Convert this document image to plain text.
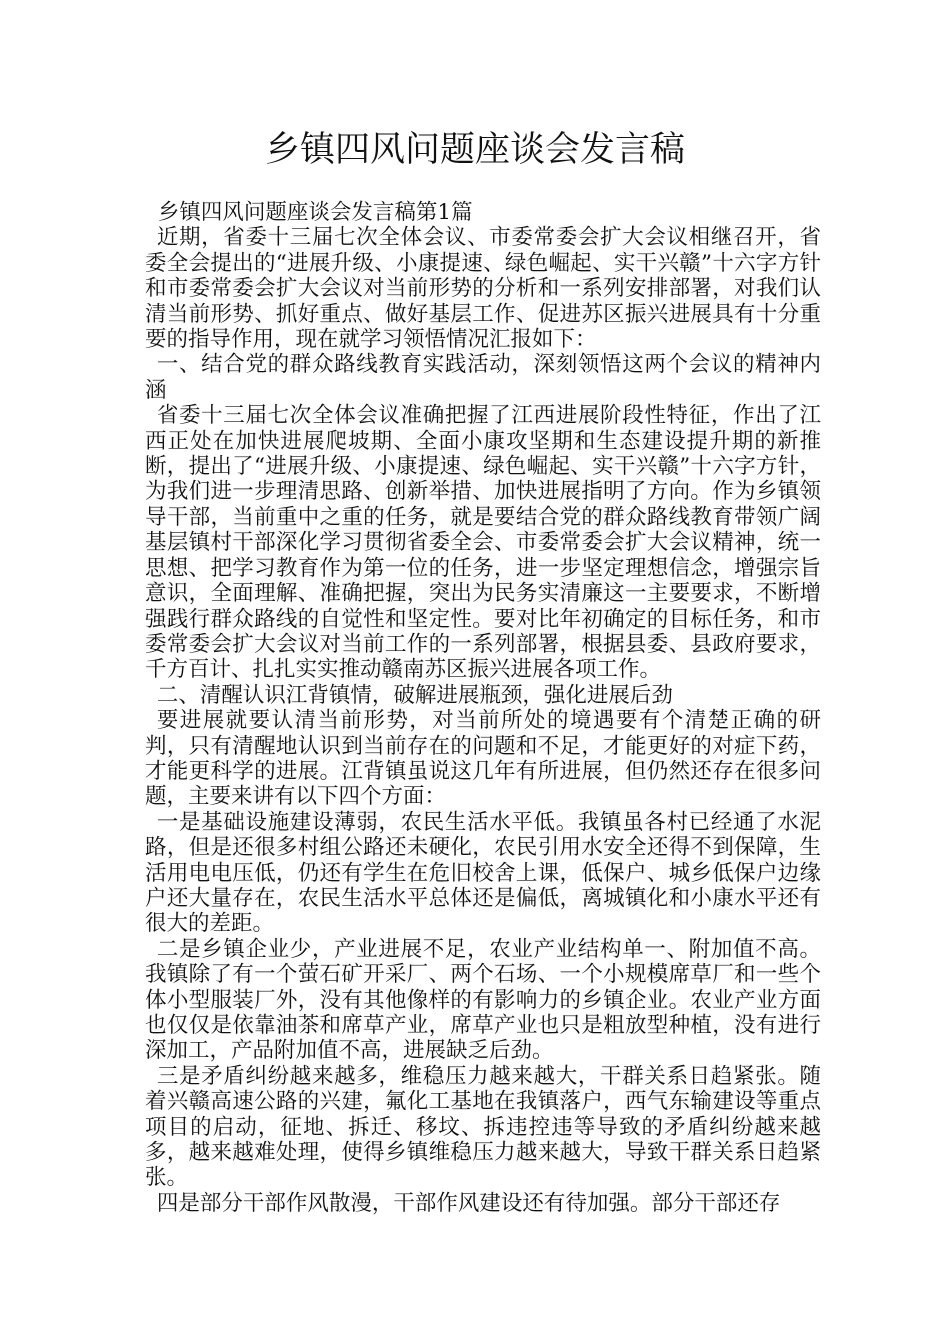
乡镇四风问题座谈会发言稿

乡镇四风问题座谈会发言稿第1篇

近期，省委十三届七次全体会议、市委常委会扩大会议相继召开，省委全会提出的“进展升级、小康提速、绿色崛起、实干兴赣”十六字方针和市委常委会扩大会议对当前形势的分析和一系列安排部署，对我们认清当前形势、抓好重点、做好基层工作、促进苏区振兴进展具有十分重要的指导作用，现在就学习领悟情况汇报如下：

一、结合党的群众路线教育实践活动，深刻领悟这两个会议的精神内涵

省委十三届七次全体会议准确把握了江西进展阶段性特征，作出了江西正处在加快进展爬坡期、全面小康攻坚期和生态建设提升期的新推断，提出了“进展升级、小康提速、绿色崛起、实干兴赣”十六字方针，为我们进一步理清思路、创新举措、加快进展指明了方向。作为乡镇领导干部，当前重中之重的任务，就是要结合党的群众路线教育带领广阔基层镇村干部深化学习贯彻省委全会、市委常委会扩大会议精神，统一思想、把学习教育作为第一位的任务，进一步坚定理想信念，增强宗旨意识，全面理解、准确把握，突出为民务实清廉这一主要要求，不断增强践行群众路线的自觉性和坚定性。要对比年初确定的目标任务，和市委常委会扩大会议对当前工作的一系列部署，根据县委、县政府要求，千方百计、扎扎实实推动赣南苏区振兴进展各项工作。

二、清醒认识江背镇情，破解进展瓶颈，强化进展后劲

要进展就要认清当前形势，对当前所处的境遇要有个清楚正确的研判，只有清醒地认识到当前存在的问题和不足，才能更好的对症下药，才能更科学的进展。江背镇虽说这几年有所进展，但仍然还存在很多问题，主要来讲有以下四个方面：

一是基础设施建设薄弱，农民生活水平低。我镇虽各村已经通了水泥路，但是还很多村组公路还未硬化，农民引用水安全还得不到保障，生活用电电压低，仍还有学生在危旧校舍上课，低保户、城乡低保户边缘户还大量存在，农民生活水平总体还是偏低，离城镇化和小康水平还有很大的差距。

二是乡镇企业少，产业进展不足，农业产业结构单一、附加值不高。我镇除了有一个萤石矿开采厂、两个石场、一个小规模席草厂和一些个体小型服装厂外，没有其他像样的有影响力的乡镇企业。农业产业方面也仅仅是依靠油茶和席草产业，席草产业也只是粗放型种植，没有进行深加工，产品附加值不高，进展缺乏后劲。

三是矛盾纠纷越来越多，维稳压力越来越大，干群关系日趋紧张。随着兴赣高速公路的兴建，氟化工基地在我镇落户，西气东输建设等重点项目的启动，征地、拆迁、移坟、拆违控违等导致的矛盾纠纷越来越多，越来越难处理，使得乡镇维稳压力越来越大，导致干群关系日趋紧张。

四是部分干部作风散漫，干部作风建设还有待加强。部分干部还存
